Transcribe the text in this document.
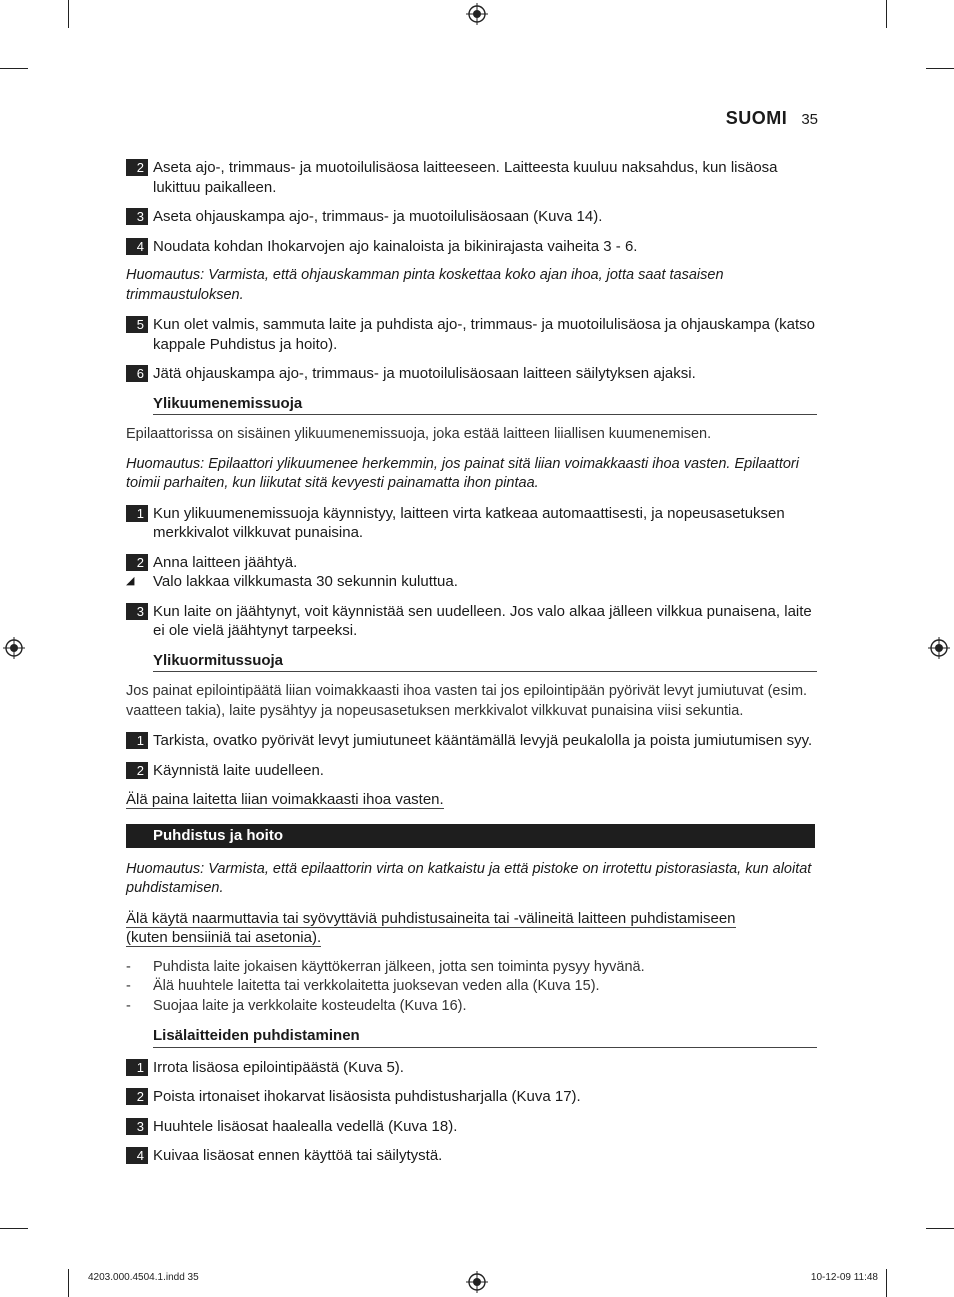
SUOMI 35
2 Aseta ajo-, trimmaus- ja muotoilulisäosa laitteeseen. Laitteesta kuuluu naksahdus, kun lisäosa lukittuu paikalleen.
3 Aseta ohjauskampa ajo-, trimmaus- ja muotoilulisäosaan (Kuva 14).
4 Noudata kohdan Ihokarvojen ajo kainaloista ja bikinirajasta vaiheita 3 - 6.
Huomautus: Varmista, että ohjauskamman pinta koskettaa koko ajan ihoa, jotta saat tasaisen trimmaustuloksen.
5 Kun olet valmis, sammuta laite ja puhdista ajo-, trimmaus- ja muotoilulisäosa ja ohjauskampa (katso kappale Puhdistus ja hoito).
6 Jätä ohjauskampa ajo-, trimmaus- ja muotoilulisäosaan laitteen säilytyksen ajaksi.
Ylikuumenemissuoja
Epilaattorissa on sisäinen ylikuumenemissuoja, joka estää laitteen liiallisen kuumenemisen.
Huomautus: Epilaattori ylikuumenee herkemmin, jos painat sitä liian voimakkaasti ihoa vasten. Epilaattori toimii parhaiten, kun liikutat sitä kevyesti painamatta ihon pintaa.
1 Kun ylikuumenemissuoja käynnistyy, laitteen virta katkeaa automaattisesti, ja nopeusasetuksen merkkivalot vilkkuvat punaisina.
2 Anna laitteen jäähtyä.
◢	Valo lakkaa vilkkumasta 30 sekunnin kuluttua.
3 Kun laite on jäähtynyt, voit käynnistää sen uudelleen. Jos valo alkaa jälleen vilkkua punaisena, laite ei ole vielä jäähtynyt tarpeeksi.
Ylikuormitussuoja
Jos painat epilointipäätä liian voimakkaasti ihoa vasten tai jos epilointipään pyörivät levyt jumiutuvat (esim. vaatteen takia), laite pysähtyy ja nopeusasetuksen merkkivalot vilkkuvat punaisina viisi sekuntia.
1 Tarkista, ovatko pyörivät levyt jumiutuneet kääntämällä levyjä peukalolla ja poista jumiutumisen syy.
2 Käynnistä laite uudelleen.
Älä paina laitetta liian voimakkaasti ihoa vasten.
Puhdistus ja hoito
Huomautus: Varmista, että epilaattorin virta on katkaistu ja että pistoke on irrotettu pistorasiasta, kun aloitat puhdistamisen.
Älä käytä naarmuttavia tai syövyttäviä puhdistusaineita tai -välineitä laitteen puhdistamiseen (kuten bensiiniä tai asetonia).
-	Puhdista laite jokaisen käyttökerran jälkeen, jotta sen toiminta pysyy hyvänä.
-	Älä huuhtele laitetta tai verkkolaitetta juoksevan veden alla (Kuva 15).
-	Suojaa laite ja verkkolaite kosteudelta (Kuva 16).
Lisälaitteiden puhdistaminen
1 Irrota lisäosa epilointipäästä (Kuva 5).
2 Poista irtonaiset ihokarvat lisäosista puhdistusharjalla (Kuva 17).
3 Huuhtele lisäosat haalealla vedellä (Kuva 18).
4 Kuivaa lisäosat ennen käyttöä tai säilytystä.
4203.000.4504.1.indd 35	10-12-09 11:48
